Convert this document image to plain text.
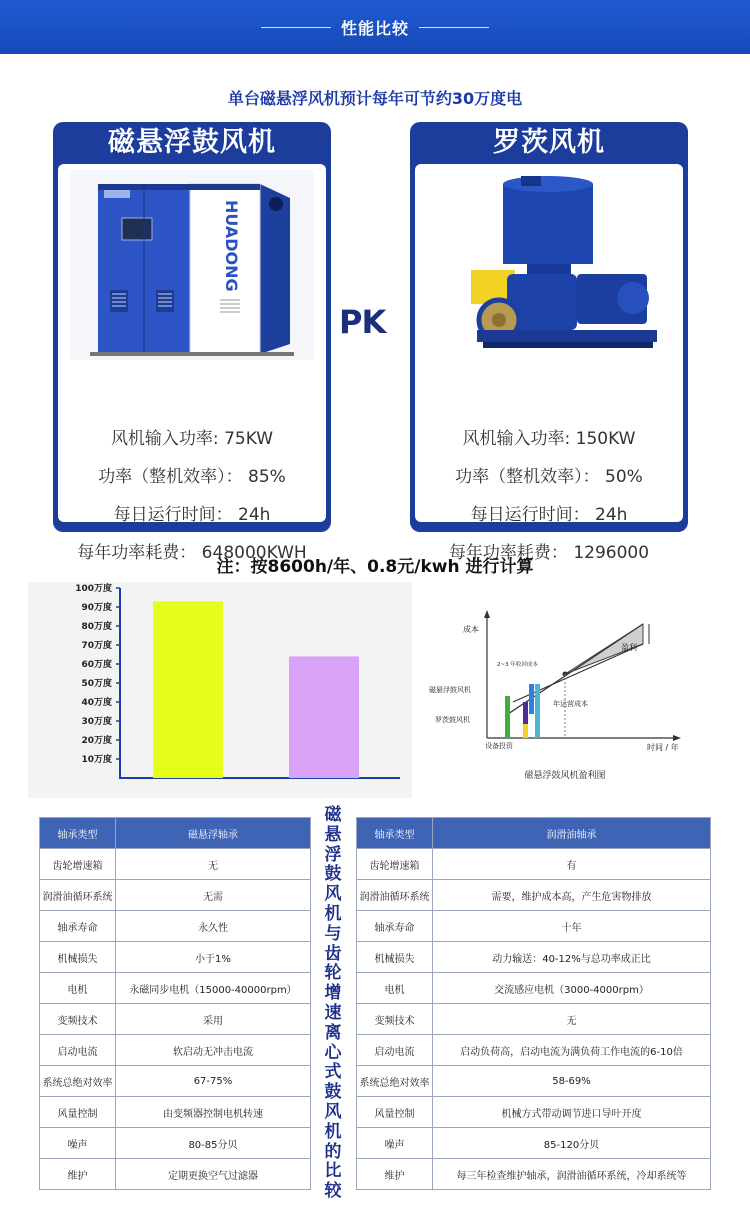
性能比较
单台磁悬浮风机预计每年可节约30万度电
磁悬浮鼓风机
HUADONG
风机输入功率: 75KW
功率（整机效率）： 85%
每日运行时间： 24h
每年功率耗费： 648000KWH
PK
罗茨风机
风机输入功率: 150KW
功率（整机效率）： 50%
每日运行时间： 24h
每年功率耗费： 1296000
注：按8600h/年、0.8元/kwh 进行计算
100万度
90万度
80万度
70万度
60万度
50万度
40万度
30万度
20万度
10万度
成本
时间 / 年
盈利
2~3 年收回成本
年运营成本
磁悬浮鼓风机
罗茨鼓风机
设备投资
磁悬浮鼓风机盈利图
磁
悬
浮
鼓
风
机
与
齿
轮
增
速
离
心
式
鼓
风
机
的
比
较
轴承类型	磁悬浮轴承
齿轮增速箱	无
润滑油循环系统	无需
轴承寿命	永久性
机械损失	小于1%
电机	永磁同步电机（15000-40000rpm）
变频技术	采用
启动电流	软启动无冲击电流
系统总绝对效率	67-75%
风量控制	由变频器控制电机转速
噪声	80-85分贝
维护	定期更换空气过滤器
轴承类型	润滑油轴承
齿轮增速箱	有
润滑油循环系统	需要，维护成本高，产生危害物排放
轴承寿命	十年
机械损失	动力输送：40-12%与总功率成正比
电机	交流感应电机（3000-4000rpm）
变频技术	无
启动电流	启动负荷高，启动电流为满负荷工作电流的6-10倍
系统总绝对效率	58-69%
风量控制	机械方式带动调节进口导叶开度
噪声	85-120分贝
维护	每三年检查维护轴承，润滑油循环系统，冷却系统等
